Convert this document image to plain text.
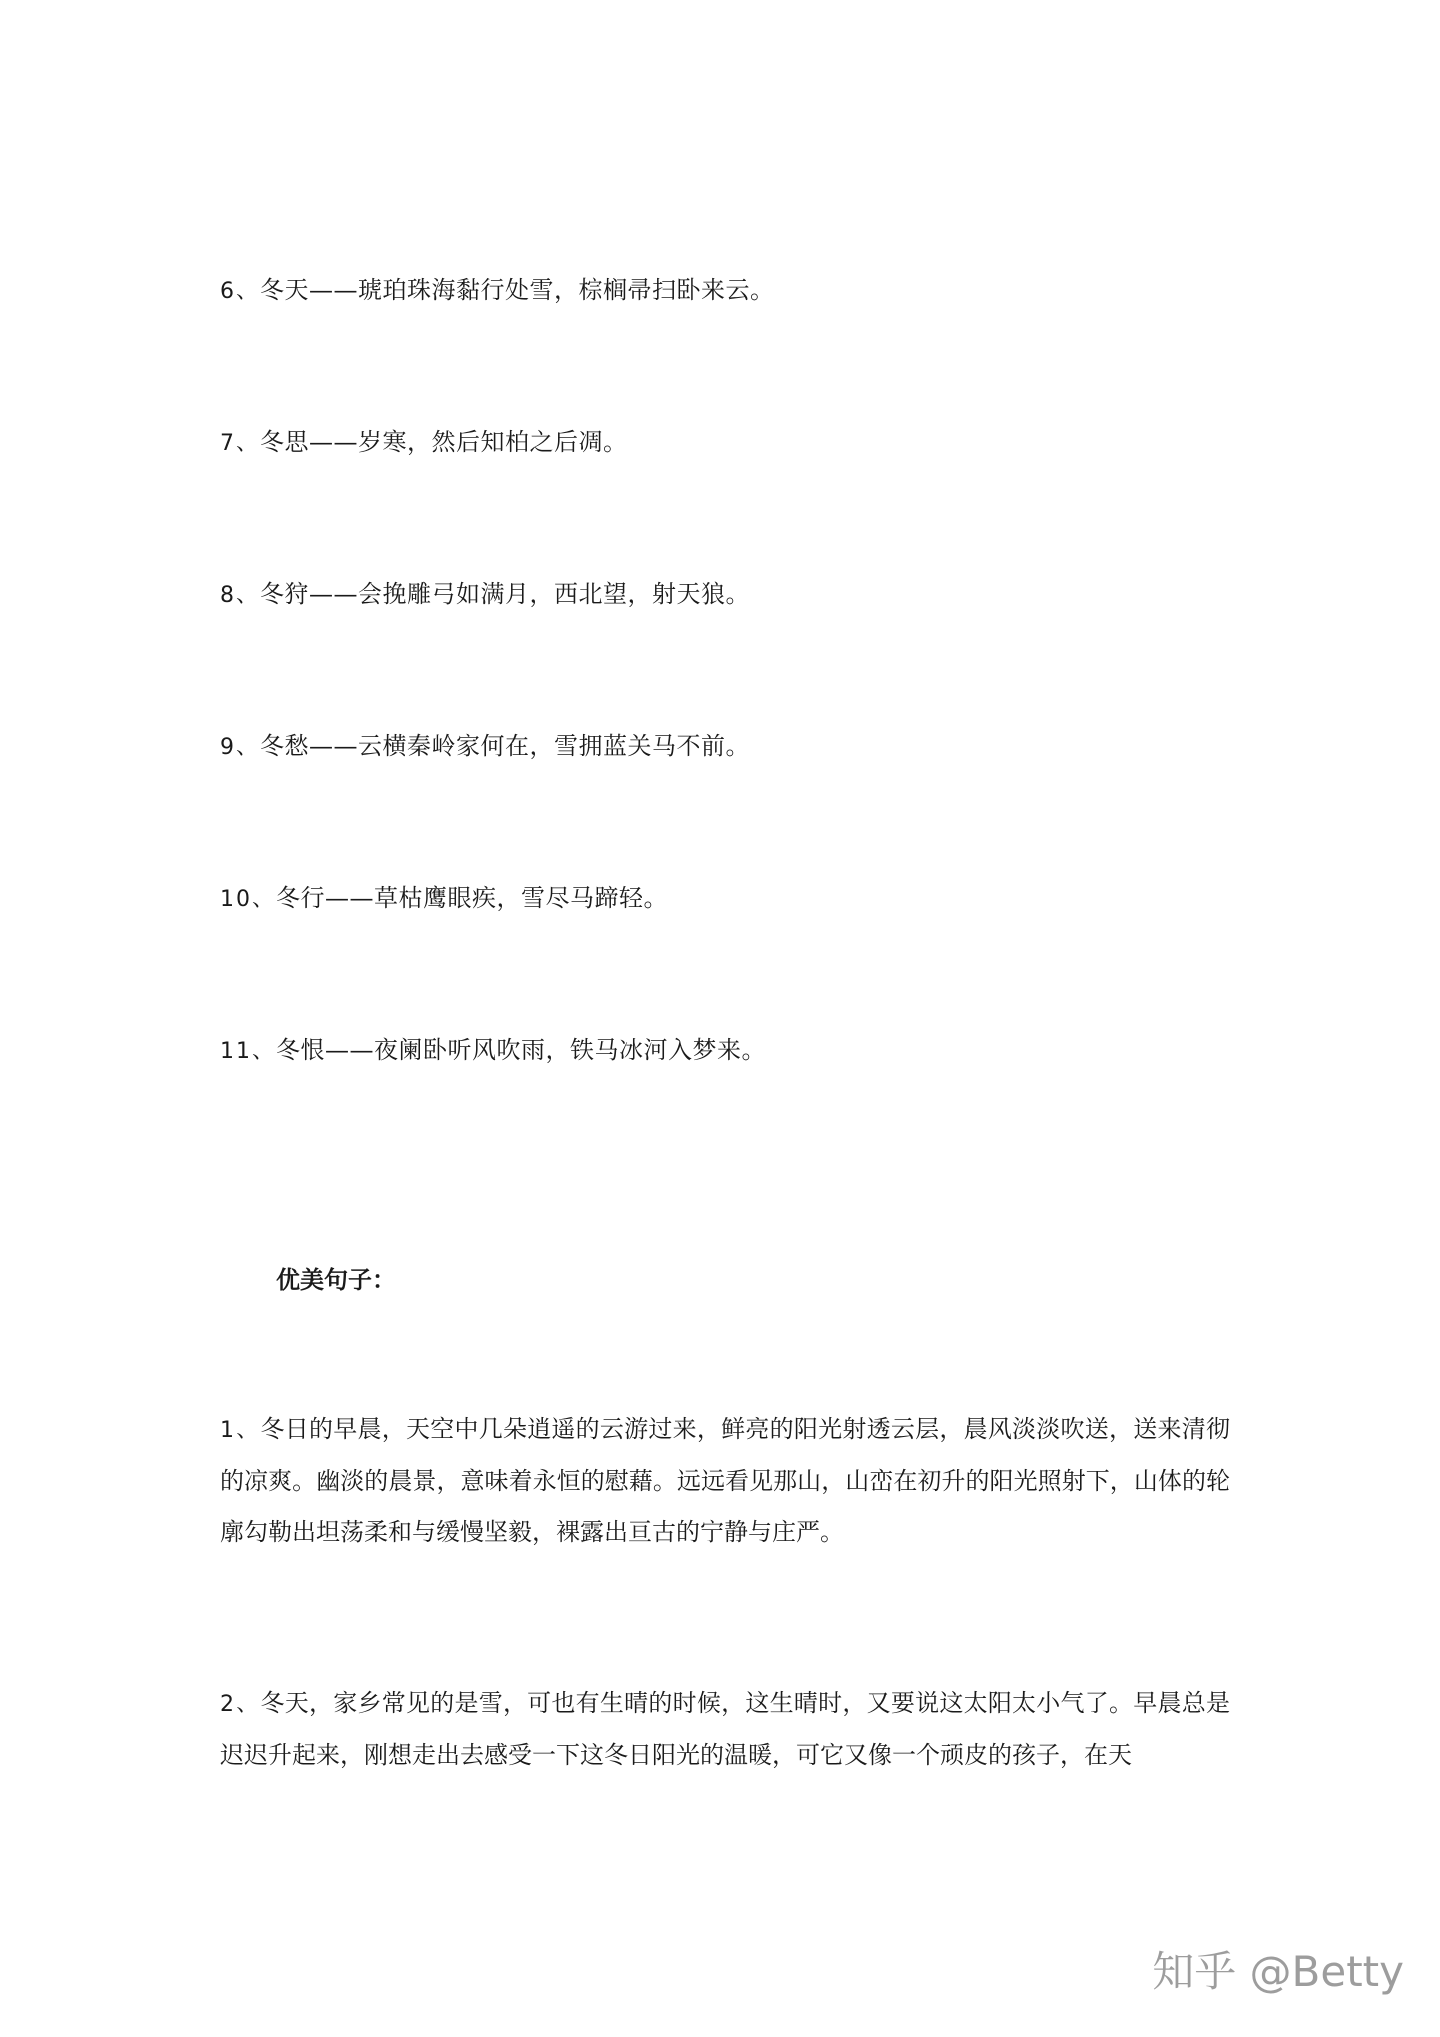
6、冬天——琥珀珠海黏行处雪，棕榈帚扫卧来云。
7、冬思——岁寒，然后知柏之后凋。
8、冬狩——会挽雕弓如满月，西北望，射天狼。
9、冬愁——云横秦岭家何在，雪拥蓝关马不前。
10、冬行——草枯鹰眼疾，雪尽马蹄轻。
11、冬恨——夜阑卧听风吹雨，铁马冰河入梦来。
优美句子：
1、冬日的早晨，天空中几朵逍遥的云游过来，鲜亮的阳光射透云层，晨风淡淡吹送，送来清彻的凉爽。幽淡的晨景，意味着永恒的慰藉。远远看见那山，山峦在初升的阳光照射下，山体的轮廓勾勒出坦荡柔和与缓慢坚毅，裸露出亘古的宁静与庄严。
2、冬天，家乡常见的是雪，可也有生晴的时候，这生晴时，又要说这太阳太小气了。早晨总是迟迟升起来，刚想走出去感受一下这冬日阳光的温暖，可它又像一个顽皮的孩子，在天
知乎 @Betty
